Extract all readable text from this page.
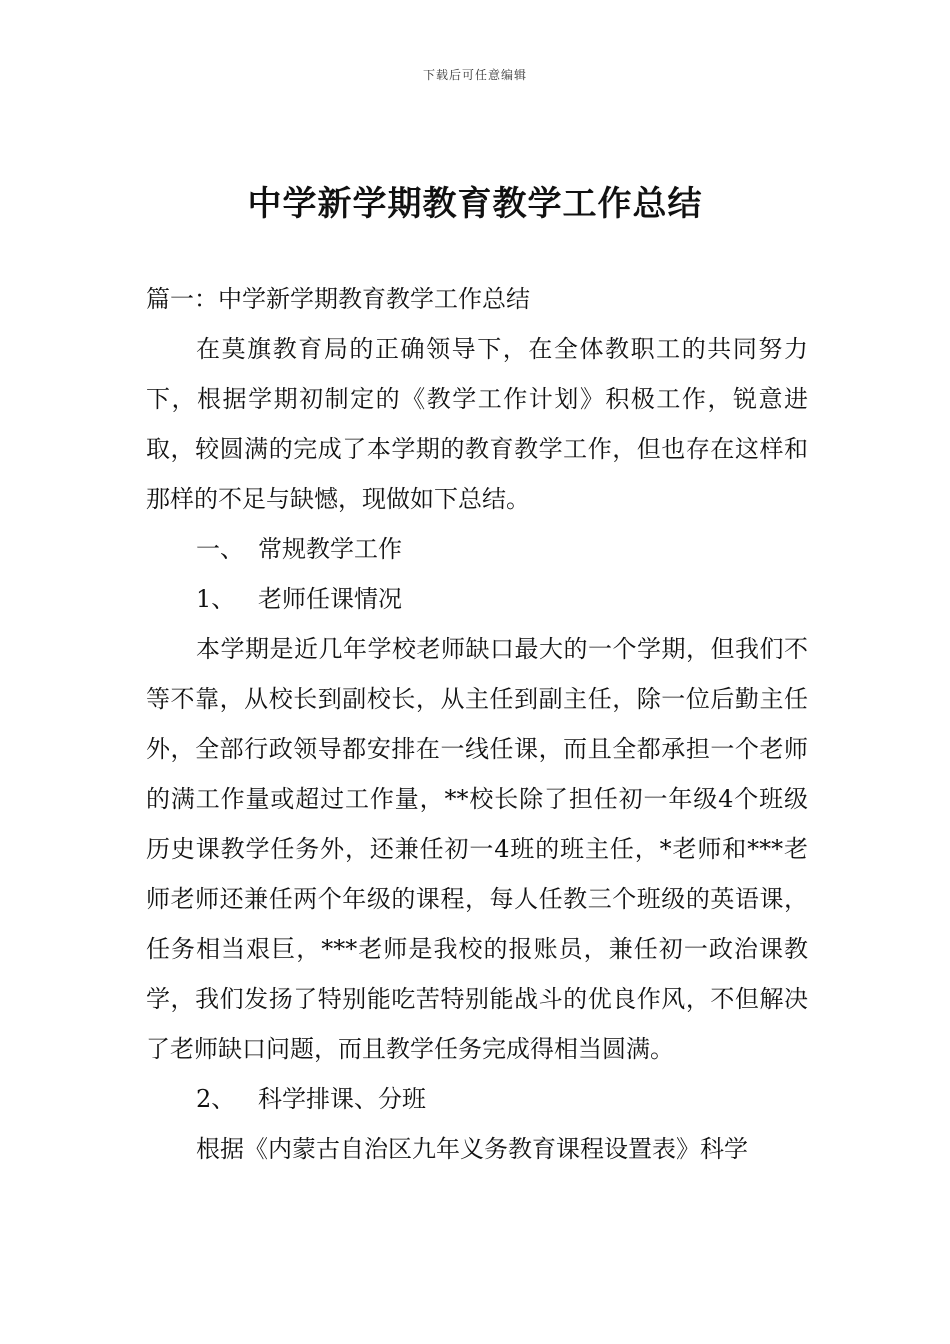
下载后可任意编辑
中学新学期教育教学工作总结

篇一：中学新学期教育教学工作总结

在莫旗教育局的正确领导下，在全体教职工的共同努力下，根据学期初制定的《教学工作计划》积极工作，锐意进取，较圆满的完成了本学期的教育教学工作，但也存在这样和那样的不足与缺憾，现做如下总结。

一、 常规教学工作

1、 老师任课情况

本学期是近几年学校老师缺口最大的一个学期，但我们不等不靠，从校长到副校长，从主任到副主任，除一位后勤主任外，全部行政领导都安排在一线任课，而且全都承担一个老师的满工作量或超过工作量，**校长除了担任初一年级4个班级历史课教学任务外，还兼任初一4班的班主任，*老师和***老师老师还兼任两个年级的课程，每人任教三个班级的英语课，任务相当艰巨，***老师是我校的报账员，兼任初一政治课教学，我们发扬了特别能吃苦特别能战斗的优良作风，不但解决了老师缺口问题，而且教学任务完成得相当圆满。

2、 科学排课、分班

根据《内蒙古自治区九年义务教育课程设置表》科学
